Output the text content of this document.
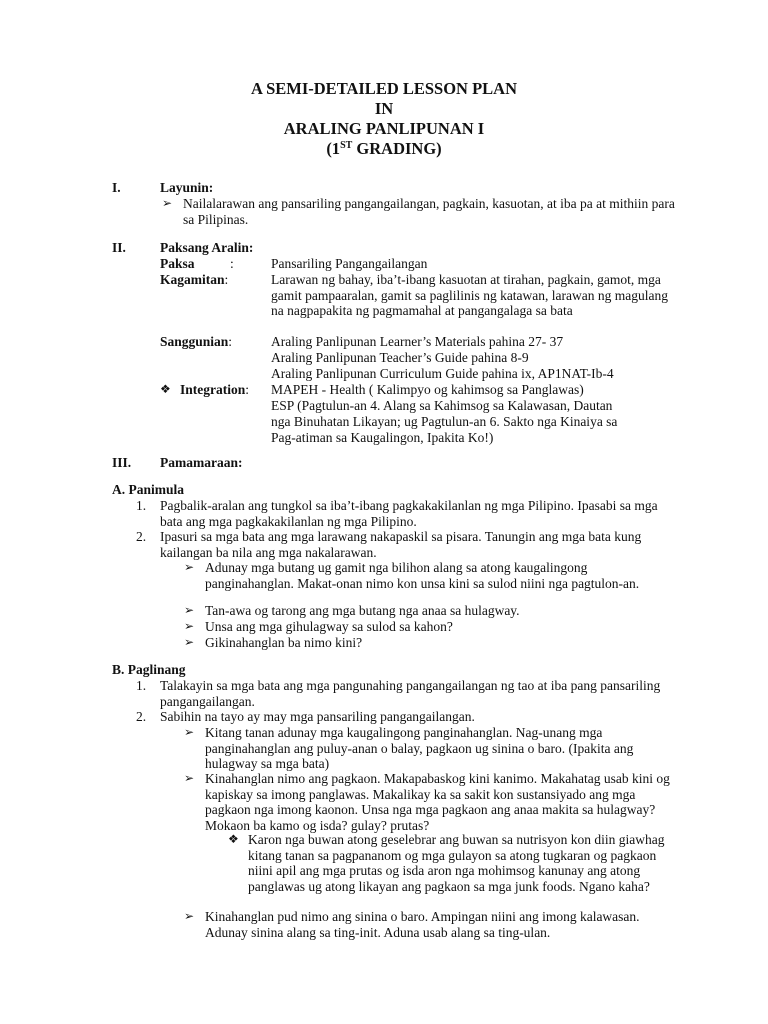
A SEMI-DETAILED LESSON PLAN
IN
ARALING PANLIPUNAN I
(1ST GRADING)
I.	Layunin:
➢ Nailalarawan ang pansariling pangangailangan, pagkain, kasuotan, at iba pa at mithiin para sa Pilipinas.
II.	Paksang Aralin:
Paksa	:	Pansariling Pangangailangan
Kagamitan:	Larawan ng bahay, iba’t-ibang kasuotan at tirahan, pagkain, gamot, mga gamit pampaaralan, gamit sa paglilinis ng katawan, larawan ng magulang na nagpapakita ng pagmamahal at pangangalaga sa bata
Sanggunian:	Araling Panlipunan Learner’s Materials pahina 27- 37
Araling Panlipunan Teacher’s Guide pahina 8-9
Araling Panlipunan Curriculum Guide pahina ix, AP1NAT-Ib-4
❖ Integration: MAPEH - Health ( Kalimpyo og kahimsog sa Panglawas)
ESP (Pagtulun-an 4. Alang sa Kahimsog sa Kalawasan, Dautan
nga Binuhatan Likayan; ug Pagtulun-an 6. Sakto nga Kinaiya sa
Pag-atiman sa Kaugalingon, Ipakita Ko!)
III. Pamamaraan:
A. Panimula
1. Pagbalik-aralan ang tungkol sa iba’t-ibang pagkakakilanlan ng mga Pilipino. Ipasabi sa mga bata ang mga pagkakakilanlan ng mga Pilipino.
2. Ipasuri sa mga bata ang mga larawang nakapaskil sa pisara. Tanungin ang mga bata kung kailangan ba nila ang mga nakalarawan.
➢ Adunay mga butang ug gamit nga bilihon alang sa atong kaugalingong panginahanglan. Makat-onan nimo kon unsa kini sa sulod niini nga pagtulon-an.
➢ Tan-awa og tarong ang mga butang nga anaa sa hulagway.
➢ Unsa ang mga gihulagway sa sulod sa kahon?
➢ Gikinahanglan ba nimo kini?
B. Paglinang
1. Talakayin sa mga bata ang mga pangunahing pangangailangan ng tao at iba pang pansariling pangangailangan.
2. Sabihin na tayo ay may mga pansariling pangangailangan.
➢ Kitang tanan adunay mga kaugalingong panginahanglan. Nag-unang mga panginahanglan ang puluy-anan o balay, pagkaon ug sinina o baro. (Ipakita ang hulagway sa mga bata)
➢ Kinahanglan nimo ang pagkaon. Makapabaskog kini kanimo. Makahatag usab kini og kapiskay sa imong panglawas. Makalikay ka sa sakit kon sustansiyado ang mga pagkaon nga imong kaonon. Unsa nga mga pagkaon ang anaa makita sa hulagway? Mokaon ba kamo og isda? gulay? prutas?
❖ Karon nga buwan atong geselebrar ang buwan sa nutrisyon kon diin giawhag kitang tanan sa pagpananom og mga gulayon sa atong tugkaran og pagkaon niini apil ang mga prutas og isda aron nga mohimsog kanunay ang atong panglawas ug atong likayan ang pagkaon sa mga junk foods. Ngano kaha?
➢ Kinahanglan pud nimo ang sinina o baro. Ampingan niini ang imong kalawasan. Adunay sinina alang sa ting-init. Aduna usab alang sa ting-ulan.
